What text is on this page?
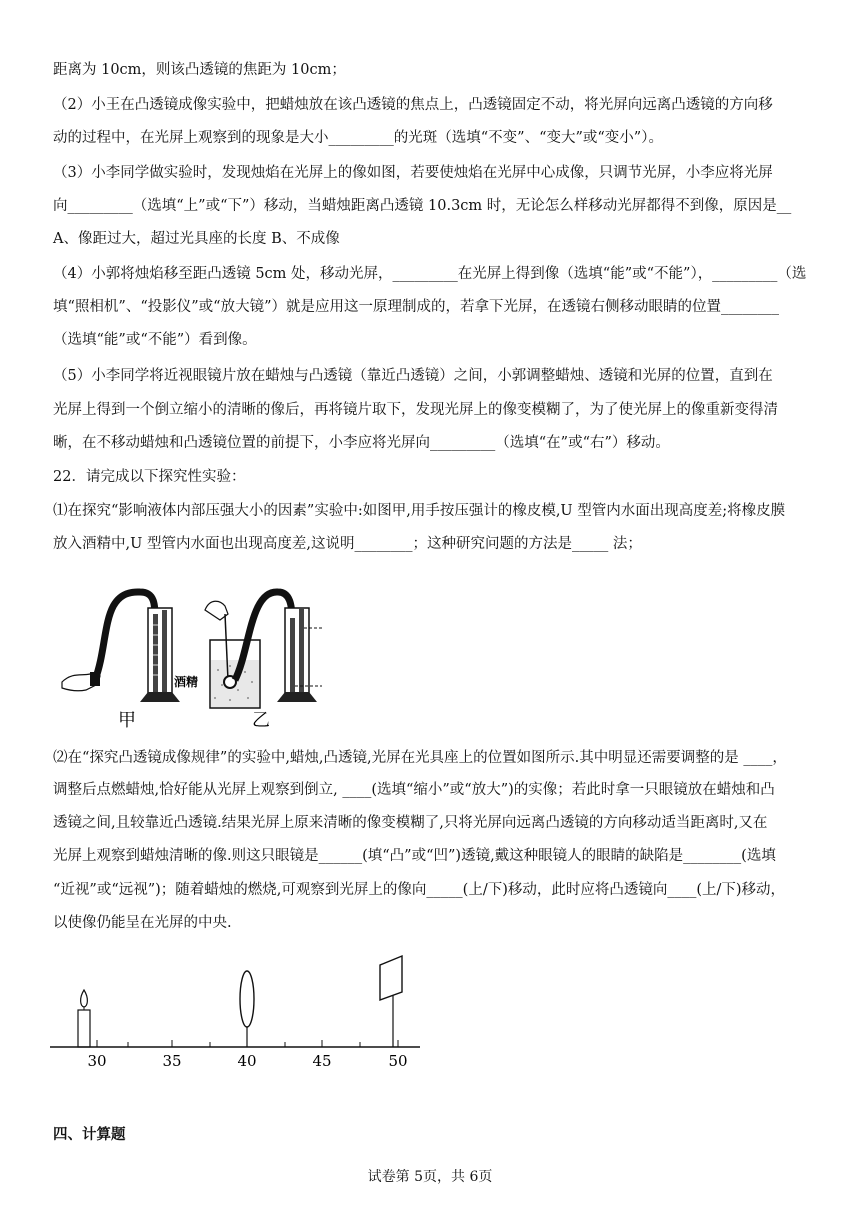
距离为 10cm，则该凸透镜的焦距为 10cm；
（2）小王在凸透镜成像实验中，把蜡烛放在该凸透镜的焦点上，凸透镜固定不动，将光屏向远离凸透镜的方向移
动的过程中，在光屏上观察到的现象是大小_________的光斑（选填“不变”、“变大”或“变小”）。
（3）小李同学做实验时，发现烛焰在光屏上的像如图，若要使烛焰在光屏中心成像，只调节光屏，小李应将光屏
向_________（选填“上”或“下”）移动，当蜡烛距离凸透镜 10.3cm 时，无论怎么样移动光屏都得不到像，原因是__
A、像距过大，超过光具座的长度 B、不成像
（4）小郭将烛焰移至距凸透镜 5cm 处，移动光屏，_________在光屏上得到像（选填“能”或“不能”），_________（选
填“照相机”、“投影仪”或“放大镜”）就是应用这一原理制成的，若拿下光屏，在透镜右侧移动眼睛的位置________
（选填“能”或“不能”）看到像。
（5）小李同学将近视眼镜片放在蜡烛与凸透镜（靠近凸透镜）之间，小郭调整蜡烛、透镜和光屏的位置，直到在
光屏上得到一个倒立缩小的清晰的像后，再将镜片取下，发现光屏上的像变模糊了，为了使光屏上的像重新变得清
晰，在不移动蜡烛和凸透镜位置的前提下，小李应将光屏向_________（选填“在”或“右”）移动。
22．请完成以下探究性实验：
⑴在探究“影响液体内部压强大小的因素”实验中:如图甲,用手按压强计的橡皮模,U 型管内水面出现高度差;将橡皮膜
放入酒精中,U 型管内水面也出现高度差,这说明________；这种研究问题的方法是_____ 法；
酒精
甲	乙
⑵在“探究凸透镜成像规律”的实验中,蜡烛,凸透镜,光屏在光具座上的位置如图所示.其中明显还需要调整的是 ____，
调整后点燃蜡烛,恰好能从光屏上观察到倒立, ____(选填“缩小”或“放大”)的实像；若此时拿一只眼镜放在蜡烛和凸
透镜之间,且较靠近凸透镜.结果光屏上原来清晰的像变模糊了,只将光屏向远离凸透镜的方向移动适当距离时,又在
光屏上观察到蜡烛清晰的像.则这只眼镜是______(填“凸”或“凹”)透镜,戴这种眼镜人的眼睛的缺陷是________(选填
“近视”或“远视”)；随着蜡烛的燃烧,可观察到光屏上的像向_____(上/下)移动，此时应将凸透镜向____(上/下)移动，
以使像仍能呈在光屏的中央.
30	35	40	45	50
四、计算题
试卷第 5页，共 6页
